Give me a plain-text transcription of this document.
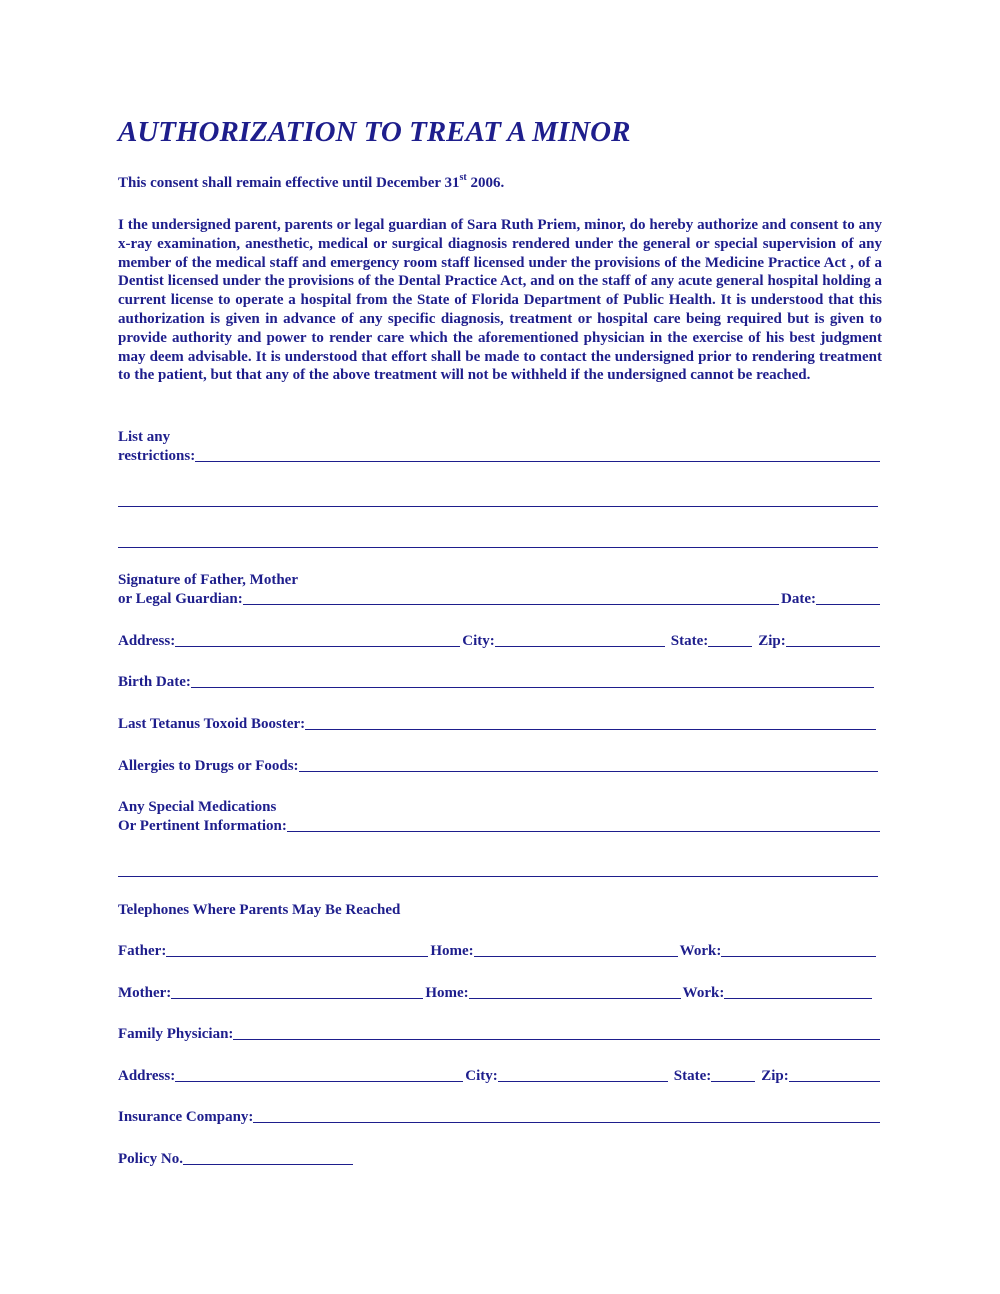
AUTHORIZATION TO TREAT A MINOR
This consent shall remain effective until December 31st 2006.

I the undersigned parent, parents or legal guardian of Sara Ruth Priem, minor, do hereby authorize and consent to any x-ray examination, anesthetic, medical or surgical diagnosis rendered under the general or special supervision of any member of the medical staff and emergency room staff licensed under the provisions of the Medicine Practice Act , of a Dentist licensed under the provisions of the Dental Practice Act, and on the staff of any acute general hospital holding a current license to operate a hospital from the State of Florida Department of Public Health. It is understood that this authorization is given in advance of any specific diagnosis, treatment or hospital care being required but is given to provide authority and power to render care which the aforementioned physician in the exercise of his best judgment may deem advisable. It is understood that effort shall be made to contact the undersigned prior to rendering treatment to the patient, but that any of the above treatment will not be withheld if the undersigned cannot be reached.

List any
restrictions:
Signature of Father, Mother
or Legal Guardian:	Date:
Address:	City:	State:	Zip:
Birth Date:
Last Tetanus Toxoid Booster:
Allergies to Drugs or Foods:
Any Special Medications
Or Pertinent Information:
Telephones Where Parents May Be Reached
Father:	Home:	Work:
Mother:	Home:	Work:
Family Physician:
Address:	City:	State:	Zip:
Insurance Company:
Policy No.
